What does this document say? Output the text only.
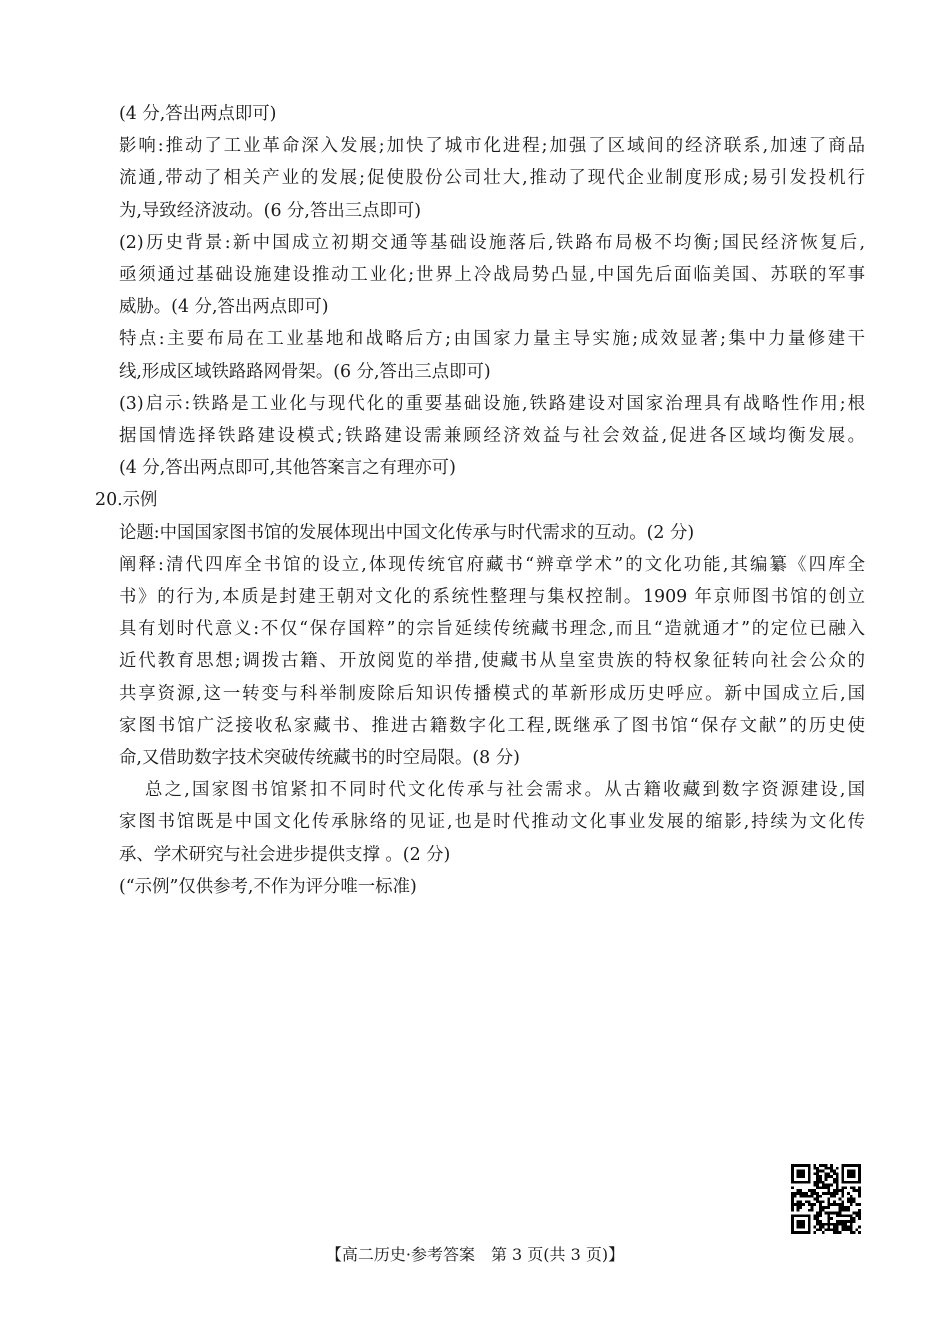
(4 分,答出两点即可)

影响:推动了工业革命深入发展;加快了城市化进程;加强了区域间的经济联系,加速了商品

流通,带动了相关产业的发展;促使股份公司壮大,推动了现代企业制度形成;易引发投机行

为,导致经济波动。(6 分,答出三点即可)

(2)历史背景:新中国成立初期交通等基础设施落后,铁路布局极不均衡;国民经济恢复后,

亟须通过基础设施建设推动工业化;世界上冷战局势凸显,中国先后面临美国、苏联的军事

威胁。(4 分,答出两点即可)

特点:主要布局在工业基地和战略后方;由国家力量主导实施;成效显著;集中力量修建干

线,形成区域铁路路网骨架。(6 分,答出三点即可)

(3)启示:铁路是工业化与现代化的重要基础设施,铁路建设对国家治理具有战略性作用;根

据国情选择铁路建设模式;铁路建设需兼顾经济效益与社会效益,促进各区域均衡发展。

(4 分,答出两点即可,其他答案言之有理亦可)

20.示例

论题:中国国家图书馆的发展体现出中国文化传承与时代需求的互动。(2 分)

阐释:清代四库全书馆的设立,体现传统官府藏书“辨章学术”的文化功能,其编纂《四库全

书》的行为,本质是封建王朝对文化的系统性整理与集权控制。1909 年京师图书馆的创立

具有划时代意义:不仅“保存国粹”的宗旨延续传统藏书理念,而且“造就通才”的定位已融入

近代教育思想;调拨古籍、开放阅览的举措,使藏书从皇室贵族的特权象征转向社会公众的

共享资源,这一转变与科举制废除后知识传播模式的革新形成历史呼应。新中国成立后,国

家图书馆广泛接收私家藏书、推进古籍数字化工程,既继承了图书馆“保存文献”的历史使

命,又借助数字技术突破传统藏书的时空局限。(8 分)

总之,国家图书馆紧扣不同时代文化传承与社会需求。从古籍收藏到数字资源建设,国

家图书馆既是中国文化传承脉络的见证,也是时代推动文化事业发展的缩影,持续为文化传

承、学术研究与社会进步提供支撑 。(2 分)

(“示例”仅供参考,不作为评分唯一标准)

【高二历史·参考答案　第 3 页(共 3 页)】
